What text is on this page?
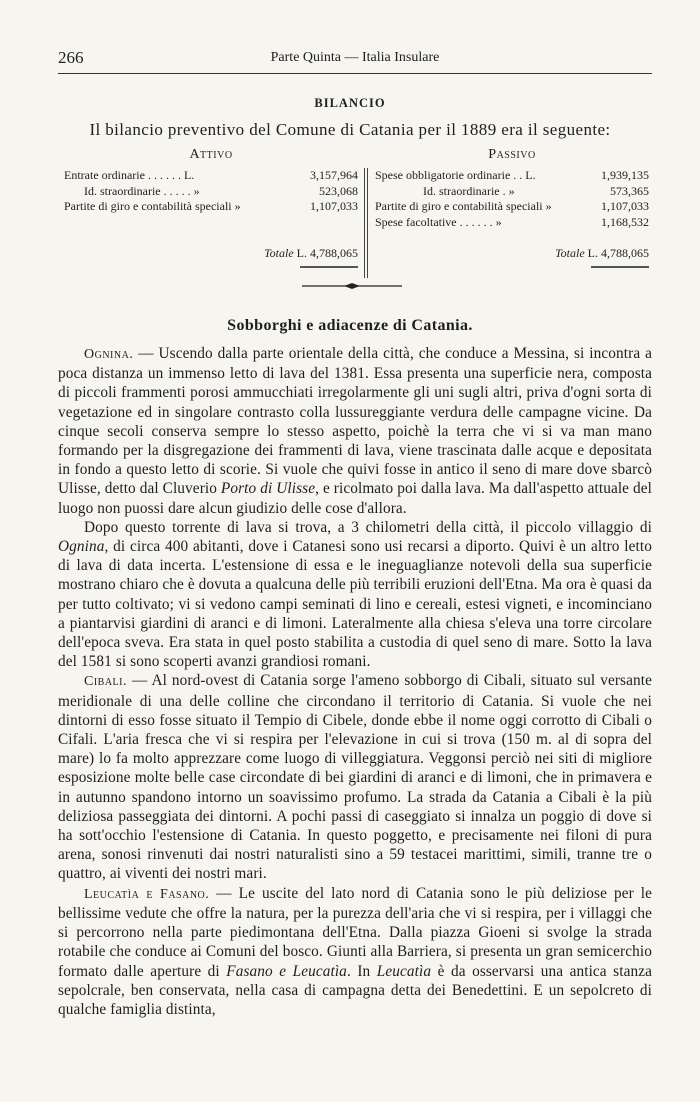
266	Parte Quinta — Italia Insulare
BILANCIO
Il bilancio preventivo del Comune di Catania per il 1889 era il seguente:
Attivo
Entrate ordinarie . . . . . . L.	3,157,964
Id. straordinarie . . . . . »	523,068
Partite di giro e contabilità speciali »	1,107,033
Totale L. 4,788,065
Passivo
Spese obbligatorie ordinarie . . L.	1,939,135
Id. straordinarie . »	573,365
Partite di giro e contabilità speciali »	1,107,033
Spese facoltative . . . . . . »	1,168,532
Totale L. 4,788,065
Sobborghi e adiacenze di Catania.

Ognina. — Uscendo dalla parte orientale della città, che conduce a Messina, si incontra a poca distanza un immenso letto di lava del 1381. Essa presenta una superficie nera, composta di piccoli frammenti porosi ammucchiati irregolarmente gli uni sugli altri, priva d'ogni sorta di vegetazione ed in singolare contrasto colla lussureggiante verdura delle campagne vicine. Da cinque secoli conserva sempre lo stesso aspetto, poichè la terra che vi si va man mano formando per la disgregazione dei frammenti di lava, viene trascinata dalle acque e depositata in fondo a questo letto di scorie. Si vuole che quivi fosse in antico il seno di mare dove sbarcò Ulisse, detto dal Cluverio Porto di Ulisse, e ricolmato poi dalla lava. Ma dall'aspetto attuale del luogo non puossi dare alcun giudizio delle cose d'allora.

Dopo questo torrente di lava si trova, a 3 chilometri della città, il piccolo villaggio di Ognina, di circa 400 abitanti, dove i Catanesi sono usi recarsi a diporto. Quivi è un altro letto di lava di data incerta. L'estensione di essa e le ineguaglianze notevoli della sua superficie mostrano chiaro che è dovuta a qualcuna delle più terribili eruzioni dell'Etna. Ma ora è quasi da per tutto coltivato; vi si vedono campi seminati di lino e cereali, estesi vigneti, e incominciano a piantarvisi giardini di aranci e di limoni. Lateralmente alla chiesa s'eleva una torre circolare dell'epoca sveva. Era stata in quel posto stabilita a custodia di quel seno di mare. Sotto la lava del 1581 si sono scoperti avanzi grandiosi romani.

Cibali. — Al nord-ovest di Catania sorge l'ameno sobborgo di Cibali, situato sul versante meridionale di una delle colline che circondano il territorio di Catania. Si vuole che nei dintorni di esso fosse situato il Tempio di Cibele, donde ebbe il nome oggi corrotto di Cibali o Cifali. L'aria fresca che vi si respira per l'elevazione in cui si trova (150 m. al di sopra del mare) lo fa molto apprezzare come luogo di villeggiatura. Veggonsi perciò nei siti di migliore esposizione molte belle case circondate di bei giardini di aranci e di limoni, che in primavera e in autunno spandono intorno un soavissimo profumo. La strada da Catania a Cibali è la più deliziosa passeggiata dei dintorni. A pochi passi di caseggiato si innalza un poggio di dove si ha sott'occhio l'estensione di Catania. In questo poggetto, e precisamente nei filoni di pura arena, sonosi rinvenuti dai nostri naturalisti sino a 59 testacei marittimi, simili, tranne tre o quattro, ai viventi dei nostri mari.

Leucatìa e Fasano. — Le uscite del lato nord di Catania sono le più deliziose per le bellissime vedute che offre la natura, per la purezza dell'aria che vi si respira, per i villaggi che si percorrono nella parte piedimontana dell'Etna. Dalla piazza Gioeni si svolge la strada rotabile che conduce ai Comuni del bosco. Giunti alla Barriera, si presenta un gran semicerchio formato dalle aperture di Fasano e Leucatìa. In Leucatìa è da osservarsi una antica stanza sepolcrale, ben conservata, nella casa di campagna detta dei Benedettini. E un sepolcreto di qualche famiglia distinta,
